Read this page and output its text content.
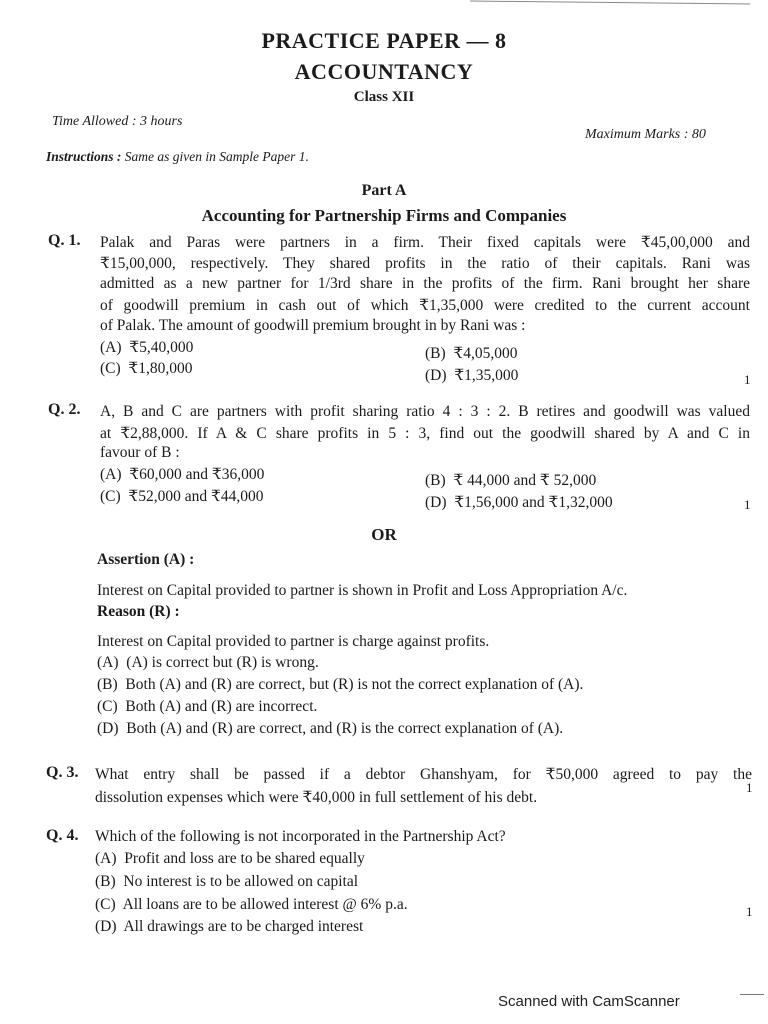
PRACTICE PAPER — 8
ACCOUNTANCY
Class XII
Time Allowed : 3 hours
Maximum Marks : 80
Instructions : Same as given in Sample Paper 1.
Part A
Accounting for Partnership Firms and Companies
Q. 1. Palak and Paras were partners in a firm. Their fixed capitals were ₹45,00,000 and
₹15,00,000, respectively. They shared profits in the ratio of their capitals. Rani was
admitted as a new partner for 1/3rd share in the profits of the firm. Rani brought her share
of goodwill premium in cash out of which ₹1,35,000 were credited to the current account
of Palak. The amount of goodwill premium brought in by Rani was :
(A) ₹5,40,000	(B) ₹4,05,000
(C) ₹1,80,000	(D) ₹1,35,000	1
Q. 2. A, B and C are partners with profit sharing ratio 4 : 3 : 2. B retires and goodwill was valued
at ₹2,88,000. If A & C share profits in 5 : 3, find out the goodwill shared by A and C in
favour of B :
(A) ₹60,000 and ₹36,000	(B) ₹ 44,000 and ₹ 52,000
(C) ₹52,000 and ₹44,000	(D) ₹1,56,000 and ₹1,32,000	1
OR
Assertion (A) :
Interest on Capital provided to partner is shown in Profit and Loss Appropriation A/c.
Reason (R) :
Interest on Capital provided to partner is charge against profits.
(A) (A) is correct but (R) is wrong.
(B) Both (A) and (R) are correct, but (R) is not the correct explanation of (A).
(C) Both (A) and (R) are incorrect.
(D) Both (A) and (R) are correct, and (R) is the correct explanation of (A).
Q. 3. What entry shall be passed if a debtor Ghanshyam, for ₹50,000 agreed to pay the
dissolution expenses which were ₹40,000 in full settlement of his debt.
1
Q. 4. Which of the following is not incorporated in the Partnership Act?
(A) Profit and loss are to be shared equally
(B) No interest is to be allowed on capital
(C) All loans are to be allowed interest @ 6% p.a.
(D) All drawings are to be charged interest
1
Scanned with CamScanner
